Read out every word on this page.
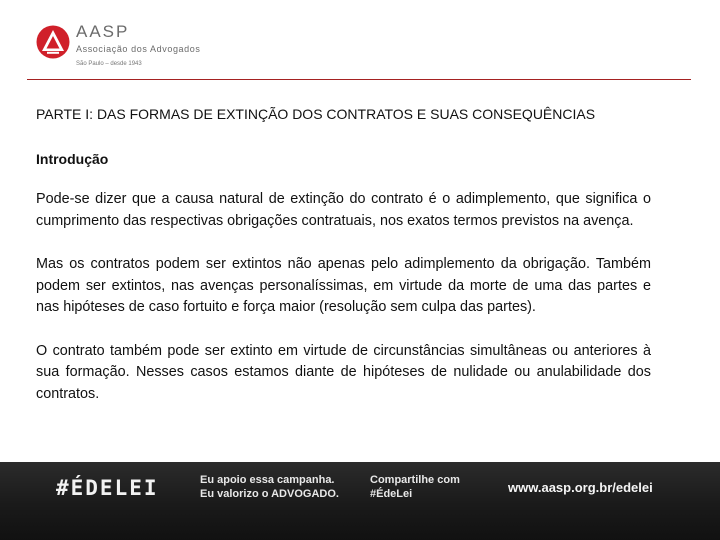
AASP
Associação dos Advogados
São Paulo – desde 1943
PARTE I: DAS FORMAS DE EXTINÇÃO DOS CONTRATOS E SUAS CONSEQUÊNCIAS
Introdução

Pode-se dizer que a causa natural de extinção do contrato é o adimplemento, que significa o cumprimento das respectivas obrigações contratuais, nos exatos termos previstos na avença.

Mas os contratos podem ser extintos não apenas pelo adimplemento da obrigação. Também podem ser extintos, nas avenças personalíssimas, em virtude da morte de uma das partes e nas hipóteses de caso fortuito e força maior (resolução sem culpa das partes).

O contrato também pode ser extinto em virtude de circunstâncias simultâneas ou anteriores à sua formação. Nesses casos estamos diante de hipóteses de nulidade ou anulabilidade dos contratos.

#ÉDELEI	Eu apoio essa campanha.
Eu valorizo o ADVOGADO.
Compartilhe com
#ÉdeLei	www.aasp.org.br/edelei
